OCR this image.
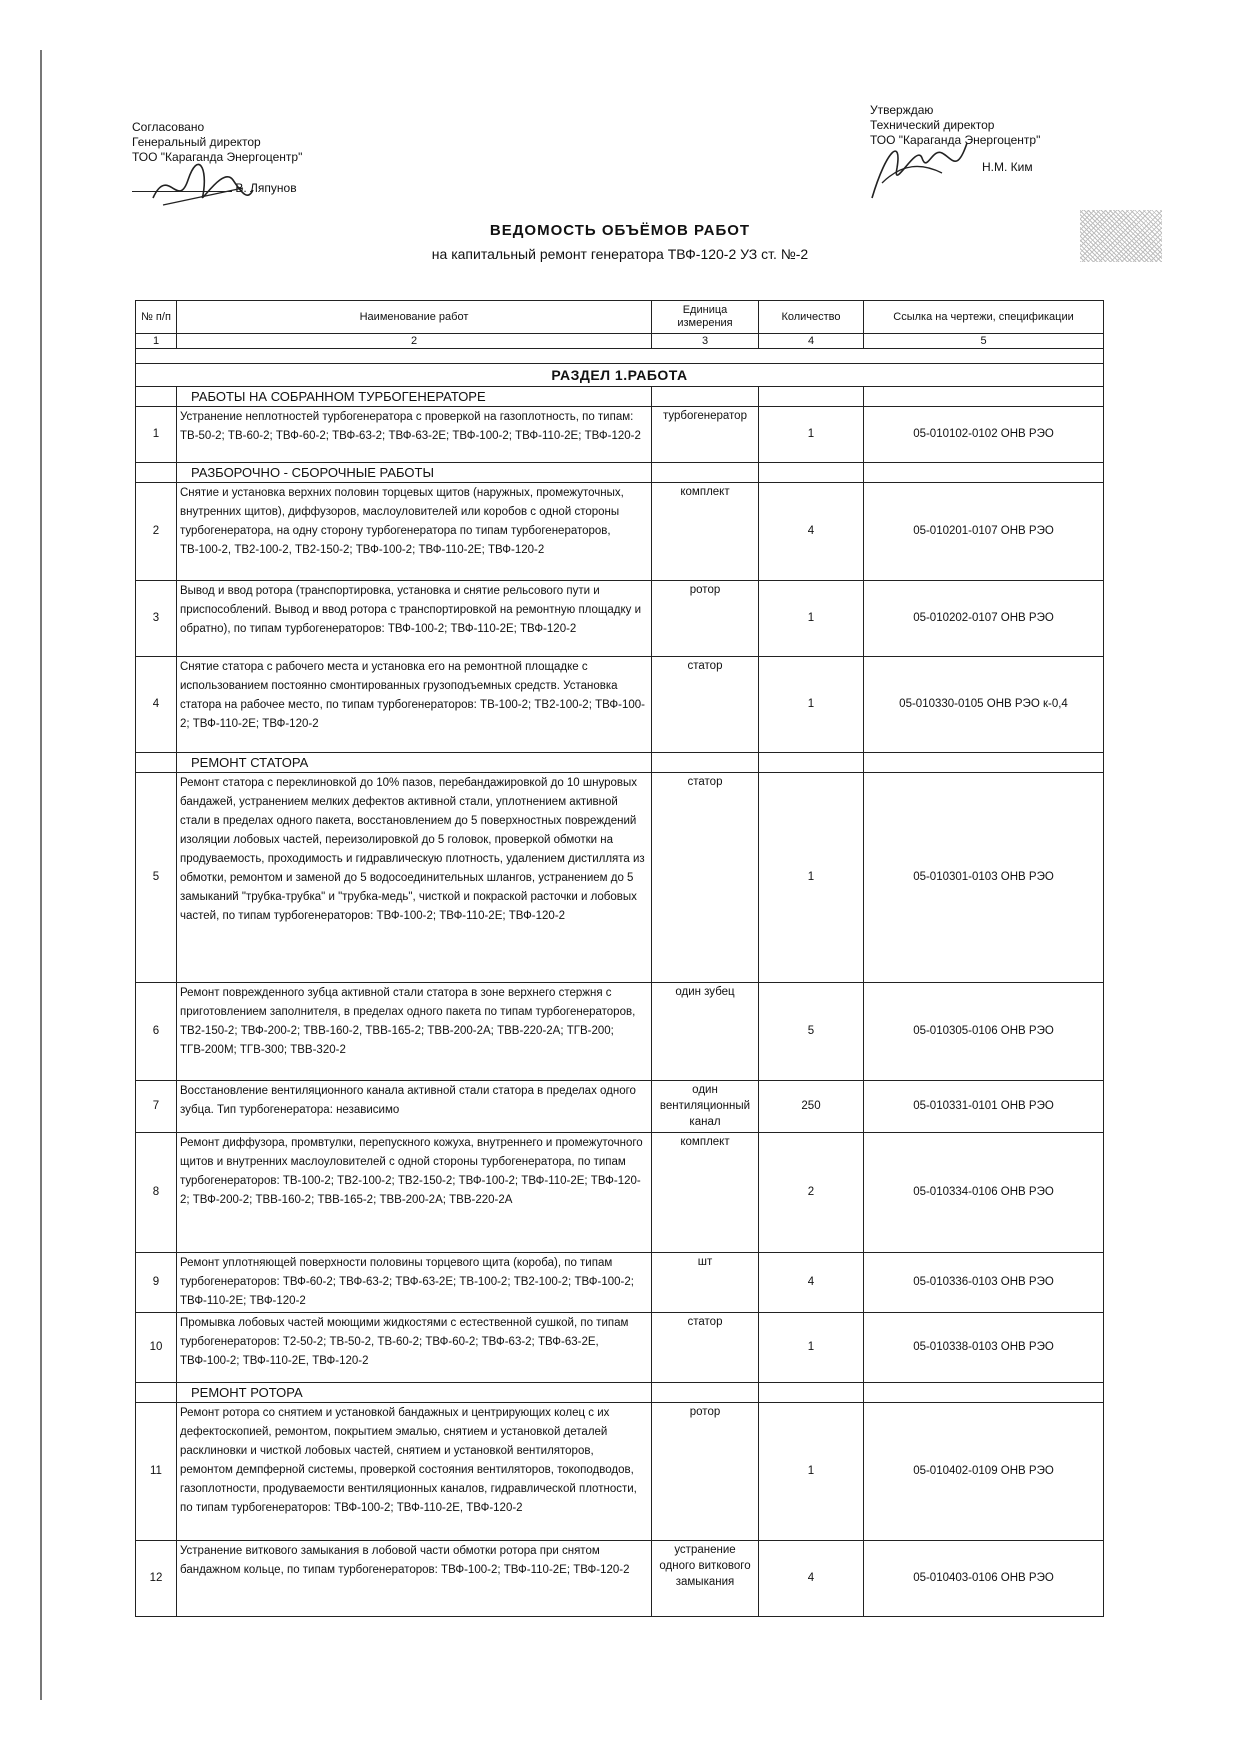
Согласовано
Генеральный директор
ТОО "Караганда Энергоцентр"
В. Ляпунов
Утверждаю
Технический директор
ТОО "Караганда Энергоцентр"
Н.М. Ким
ВЕДОМОСТЬ ОБЪЁМОВ РАБОТ
на капитальный ремонт генератора ТВФ-120-2 УЗ ст. №-2
№ п/п	Наименование работ	Единица измерения	Количество	Ссылка на чертежи, спецификации
1	2	3	4	5

РАЗДЕЛ 1.РАБОТА				
	РАБОТЫ НА СОБРАННОМ ТУРБОГЕНЕРАТОРЕ			
1	Устранение неплотностей турбогенератора с проверкой на газоплотность, по типам: ТВ-50-2; ТВ-60-2; ТВФ-60-2; ТВФ-63-2; ТВФ-63-2Е; ТВФ-100-2; ТВФ-110-2Е; ТВФ-120-2	турбогенератор	1	05-010102-0102 ОНВ РЭО
	РАЗБОРОЧНО - СБОРОЧНЫЕ РАБОТЫ			
2	Снятие и установка верхних половин торцевых щитов (наружных, промежуточных, внутренних щитов), диффузоров, маслоуловителей или коробов с одной стороны турбогенератора, на одну сторону турбогенератора по типам турбогенераторов, ТВ-100-2, ТВ2-100-2, ТВ2-150-2; ТВФ-100-2; ТВФ-110-2Е; ТВФ-120-2	комплект	4	05-010201-0107 ОНВ РЭО
3	Вывод и ввод ротора (транспортировка, установка и снятие рельсового пути и приспособлений. Вывод и ввод ротора с транспортировкой на ремонтную площадку и обратно), по типам турбогенераторов: ТВФ-100-2; ТВФ-110-2Е; ТВФ-120-2	ротор	1	05-010202-0107 ОНВ РЭО
4	Снятие статора с рабочего места и установка его на ремонтной площадке с использованием постоянно смонтированных грузоподъемных средств. Установка статора на рабочее место, по типам турбогенераторов: ТВ-100-2; ТВ2-100-2; ТВФ-100-2; ТВФ-110-2Е; ТВФ-120-2	статор	1	05-010330-0105 ОНВ РЭО к-0,4
	РЕМОНТ СТАТОРА			
5	Ремонт статора с переклиновкой до 10% пазов, перебандажировкой до 10 шнуровых бандажей, устранением мелких дефектов активной стали, уплотнением активной стали в пределах одного пакета, восстановлением до 5 поверхностных повреждений изоляции лобовых частей, переизолировкой до 5 головок, проверкой обмотки на продуваемость, проходимость и гидравлическую плотность, удалением дистиллята из обмотки, ремонтом и заменой до 5 водосоединительных шлангов, устранением до 5 замыканий "трубка-трубка" и "трубка-медь", чисткой и покраской расточки и лобовых частей, по типам турбогенераторов: ТВФ-100-2; ТВФ-110-2Е; ТВФ-120-2	статор	1	05-010301-0103 ОНВ РЭО
6	Ремонт поврежденного зубца активной стали статора в зоне верхнего стержня с приготовлением заполнителя, в пределах одного пакета по типам турбогенераторов, ТВ2-150-2; ТВФ-200-2; ТВВ-160-2, ТВВ-165-2; ТВВ-200-2А; ТВВ-220-2А; ТГВ-200; ТГВ-200М; ТГВ-300; ТВВ-320-2	один зубец	5	05-010305-0106 ОНВ РЭО
7	Восстановление вентиляционного канала активной стали статора в пределах одного зубца. Тип турбогенератора: независимо	один вентиляционный канал	250	05-010331-0101 ОНВ РЭО
8	Ремонт диффузора, промвтулки, перепускного кожуха, внутреннего и промежуточного щитов и внутренних маслоуловителей с одной стороны турбогенератора, по типам турбогенераторов: ТВ-100-2; ТВ2-100-2; ТВ2-150-2; ТВФ-100-2; ТВФ-110-2Е; ТВФ-120-2; ТВФ-200-2; ТВВ-160-2; ТВВ-165-2; ТВВ-200-2А; ТВВ-220-2А	комплект	2	05-010334-0106 ОНВ РЭО
9	Ремонт уплотняющей поверхности половины торцевого щита (короба), по типам турбогенераторов: ТВФ-60-2; ТВФ-63-2; ТВФ-63-2Е; ТВ-100-2; ТВ2-100-2; ТВФ-100-2; ТВФ-110-2Е; ТВФ-120-2	шт	4	05-010336-0103 ОНВ РЭО
10	Промывка лобовых частей моющими жидкостями с естественной сушкой, по типам турбогенераторов: Т2-50-2; ТВ-50-2, ТВ-60-2; ТВФ-60-2; ТВФ-63-2; ТВФ-63-2Е, ТВФ-100-2; ТВФ-110-2Е, ТВФ-120-2	статор	1	05-010338-0103 ОНВ РЭО
	РЕМОНТ РОТОРА			
11	Ремонт ротора со снятием и установкой бандажных и центрирующих колец с их дефектоскопией, ремонтом, покрытием эмалью, снятием и установкой деталей расклиновки и чисткой лобовых частей, снятием и установкой вентиляторов, ремонтом демпферной системы, проверкой состояния вентиляторов, токоподводов, газоплотности, продуваемости вентиляционных каналов, гидравлической плотности, по типам турбогенераторов: ТВФ-100-2; ТВФ-110-2Е, ТВФ-120-2	ротор	1	05-010402-0109 ОНВ РЭО
12	Устранение виткового замыкания в лобовой части обмотки ротора при снятом бандажном кольце, по типам турбогенераторов: ТВФ-100-2; ТВФ-110-2Е; ТВФ-120-2	устранение одного виткового замыкания	4	05-010403-0106 ОНВ РЭО
